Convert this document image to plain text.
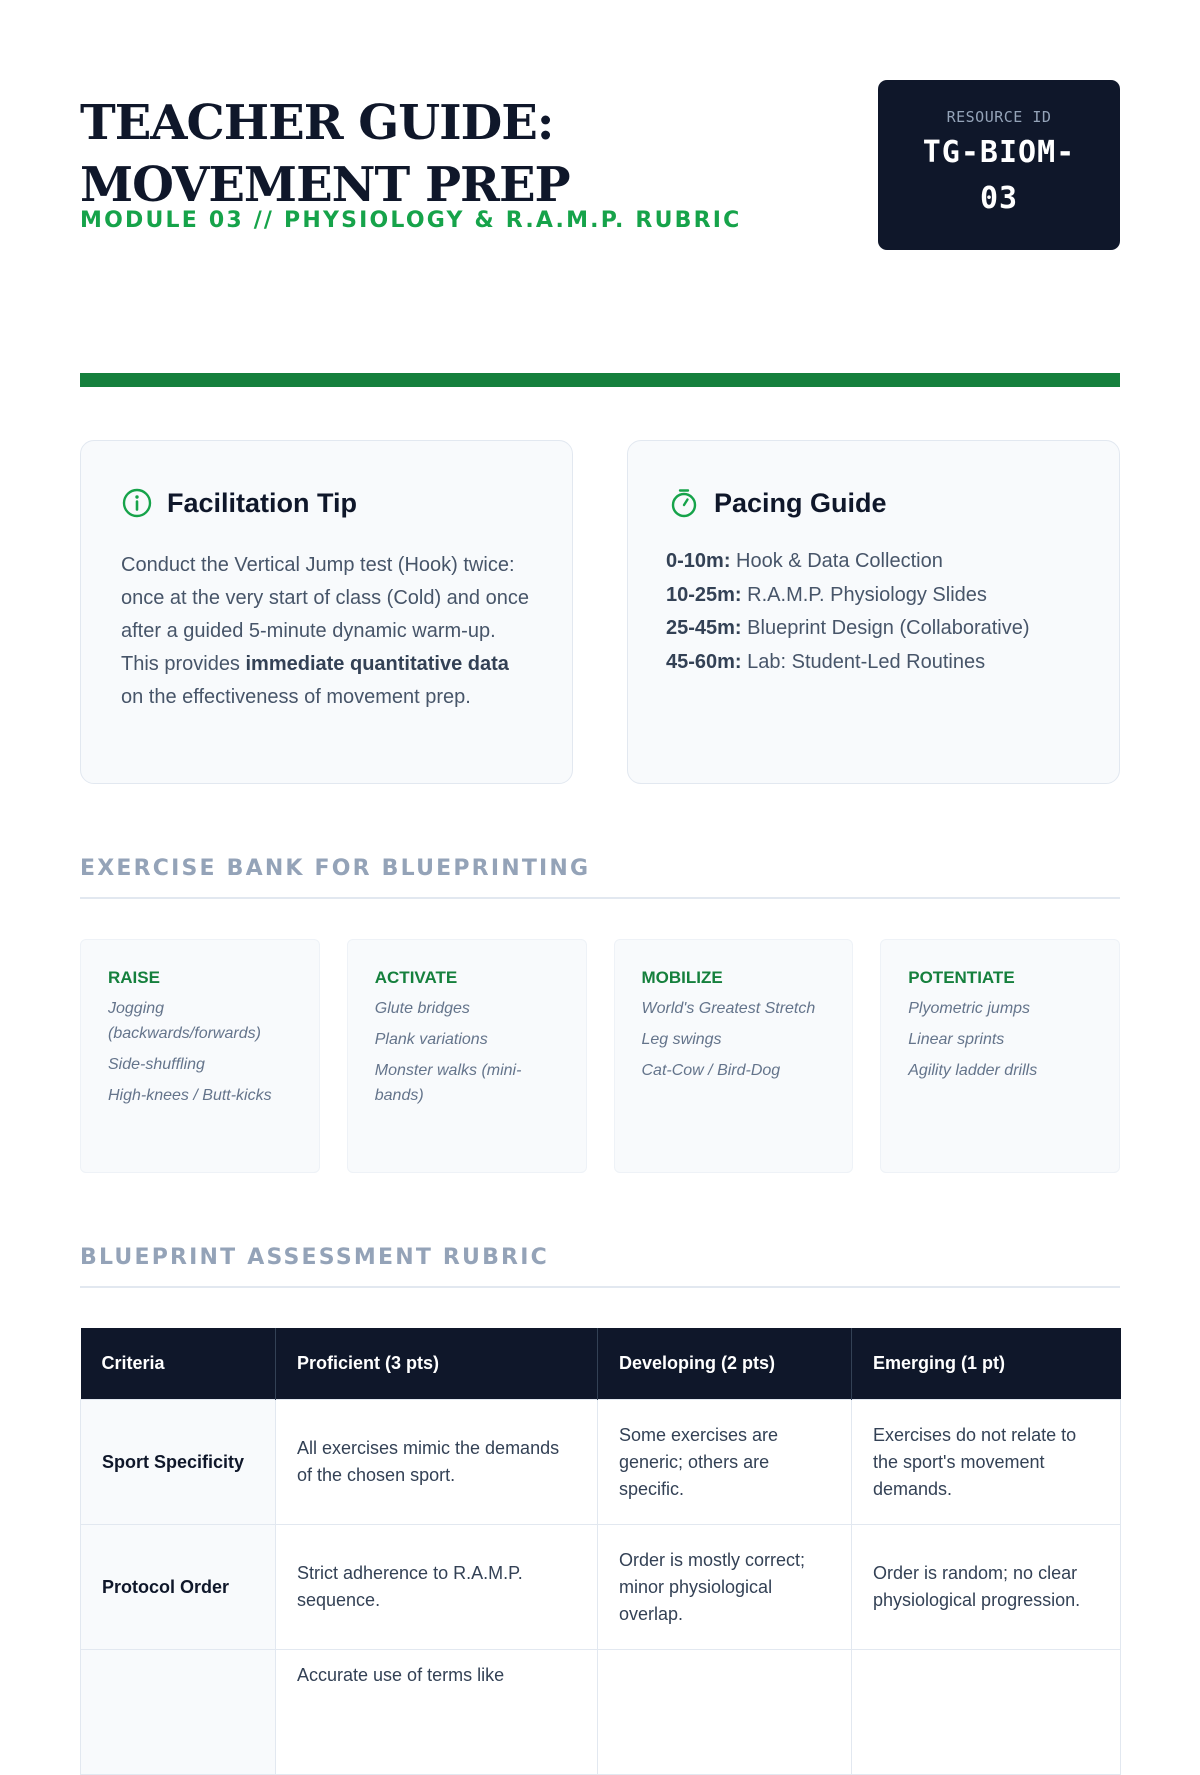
TEACHER GUIDE: MOVEMENT PREP
MODULE 03 // PHYSIOLOGY & R.A.M.P. RUBRIC
RESOURCE ID
TG-BIOM-03
Facilitation Tip
Conduct the Vertical Jump test (Hook) twice: once at the very start of class (Cold) and once after a guided 5-minute dynamic warm-up. This provides immediate quantitative data on the effectiveness of movement prep.
Pacing Guide
0-10m: Hook & Data Collection
10-25m: R.A.M.P. Physiology Slides
25-45m: Blueprint Design (Collaborative)
45-60m: Lab: Student-Led Routines
EXERCISE BANK FOR BLUEPRINTING
RAISE
Jogging (backwards/forwards)
Side-shuffling
High-knees / Butt-kicks
ACTIVATE
Glute bridges
Plank variations
Monster walks (mini-bands)
MOBILIZE
World's Greatest Stretch
Leg swings
Cat-Cow / Bird-Dog
POTENTIATE
Plyometric jumps
Linear sprints
Agility ladder drills
BLUEPRINT ASSESSMENT RUBRIC
Criteria	Proficient (3 pts)	Developing (2 pts)	Emerging (1 pt)
Sport Specificity	All exercises mimic the demands of the chosen sport.	Some exercises are generic; others are specific.	Exercises do not relate to the sport's movement demands.
Protocol Order	Strict adherence to R.A.M.P. sequence.	Order is mostly correct; minor physiological overlap.	Order is random; no clear physiological progression.
	Accurate use of terms like		
